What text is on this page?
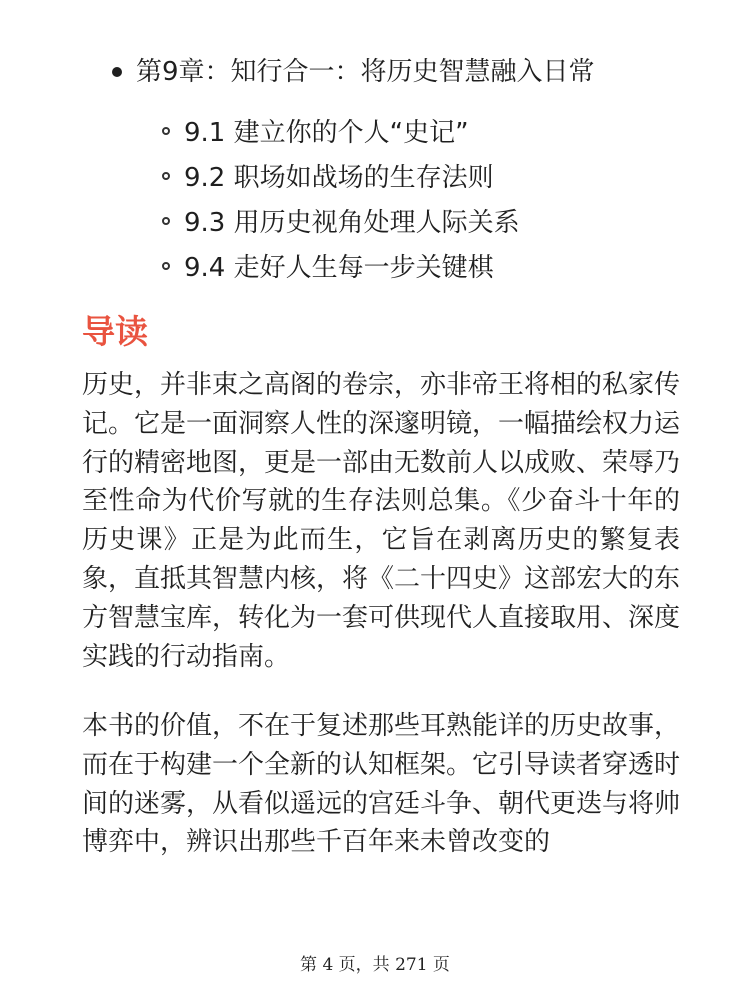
第9章：知行合一：将历史智慧融入日常
9.1 建立你的个人“史记”
9.2 职场如战场的生存法则
9.3 用历史视角处理人际关系
9.4 走好人生每一步关键棋
导读

历史，并非束之高阁的卷宗，亦非帝王将相的私家传记。它是一面洞察人性的深邃明镜，一幅描绘权力运行的精密地图，更是一部由无数前人以成败、荣辱乃至性命为代价写就的生存法则总集。《少奋斗十年的历史课》正是为此而生，它旨在剥离历史的繁复表象，直抵其智慧内核，将《二十四史》这部宏大的东方智慧宝库，转化为一套可供现代人直接取用、深度实践的行动指南。

本书的价值，不在于复述那些耳熟能详的历史故事，而在于构建一个全新的认知框架。它引导读者穿透时间的迷雾，从看似遥远的宫廷斗争、朝代更迭与将帅博弈中，辨识出那些千百年来未曾改变的

第 4 页，共 271 页
